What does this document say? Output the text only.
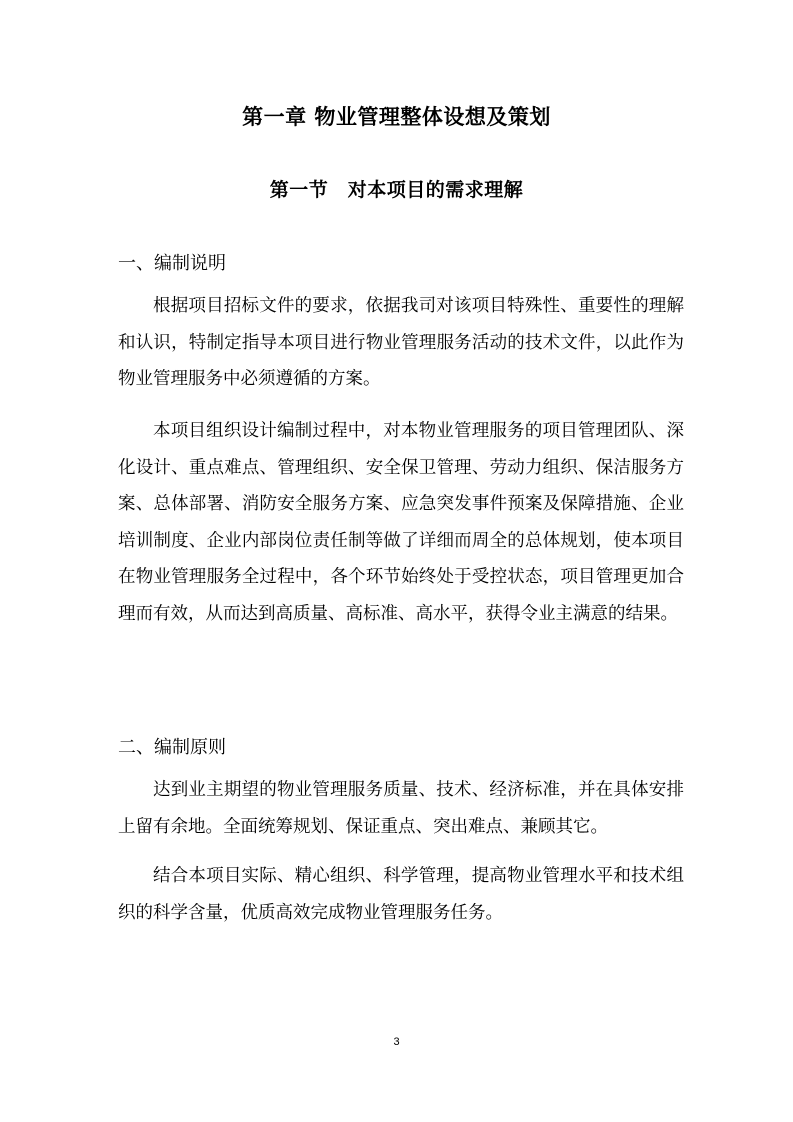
第一章 物业管理整体设想及策划
第一节　对本项目的需求理解

一、编制说明

根据项目招标文件的要求，依据我司对该项目特殊性、重要性的理解和认识，特制定指导本项目进行物业管理服务活动的技术文件，以此作为物业管理服务中必须遵循的方案。

本项目组织设计编制过程中，对本物业管理服务的项目管理团队、深化设计、重点难点、管理组织、安全保卫管理、劳动力组织、保洁服务方案、总体部署、消防安全服务方案、应急突发事件预案及保障措施、企业培训制度、企业内部岗位责任制等做了详细而周全的总体规划，使本项目在物业管理服务全过程中，各个环节始终处于受控状态，项目管理更加合理而有效，从而达到高质量、高标准、高水平，获得令业主满意的结果。

二、编制原则

达到业主期望的物业管理服务质量、技术、经济标准，并在具体安排上留有余地。全面统筹规划、保证重点、突出难点、兼顾其它。

结合本项目实际、精心组织、科学管理，提高物业管理水平和技术组织的科学含量，优质高效完成物业管理服务任务。

3
